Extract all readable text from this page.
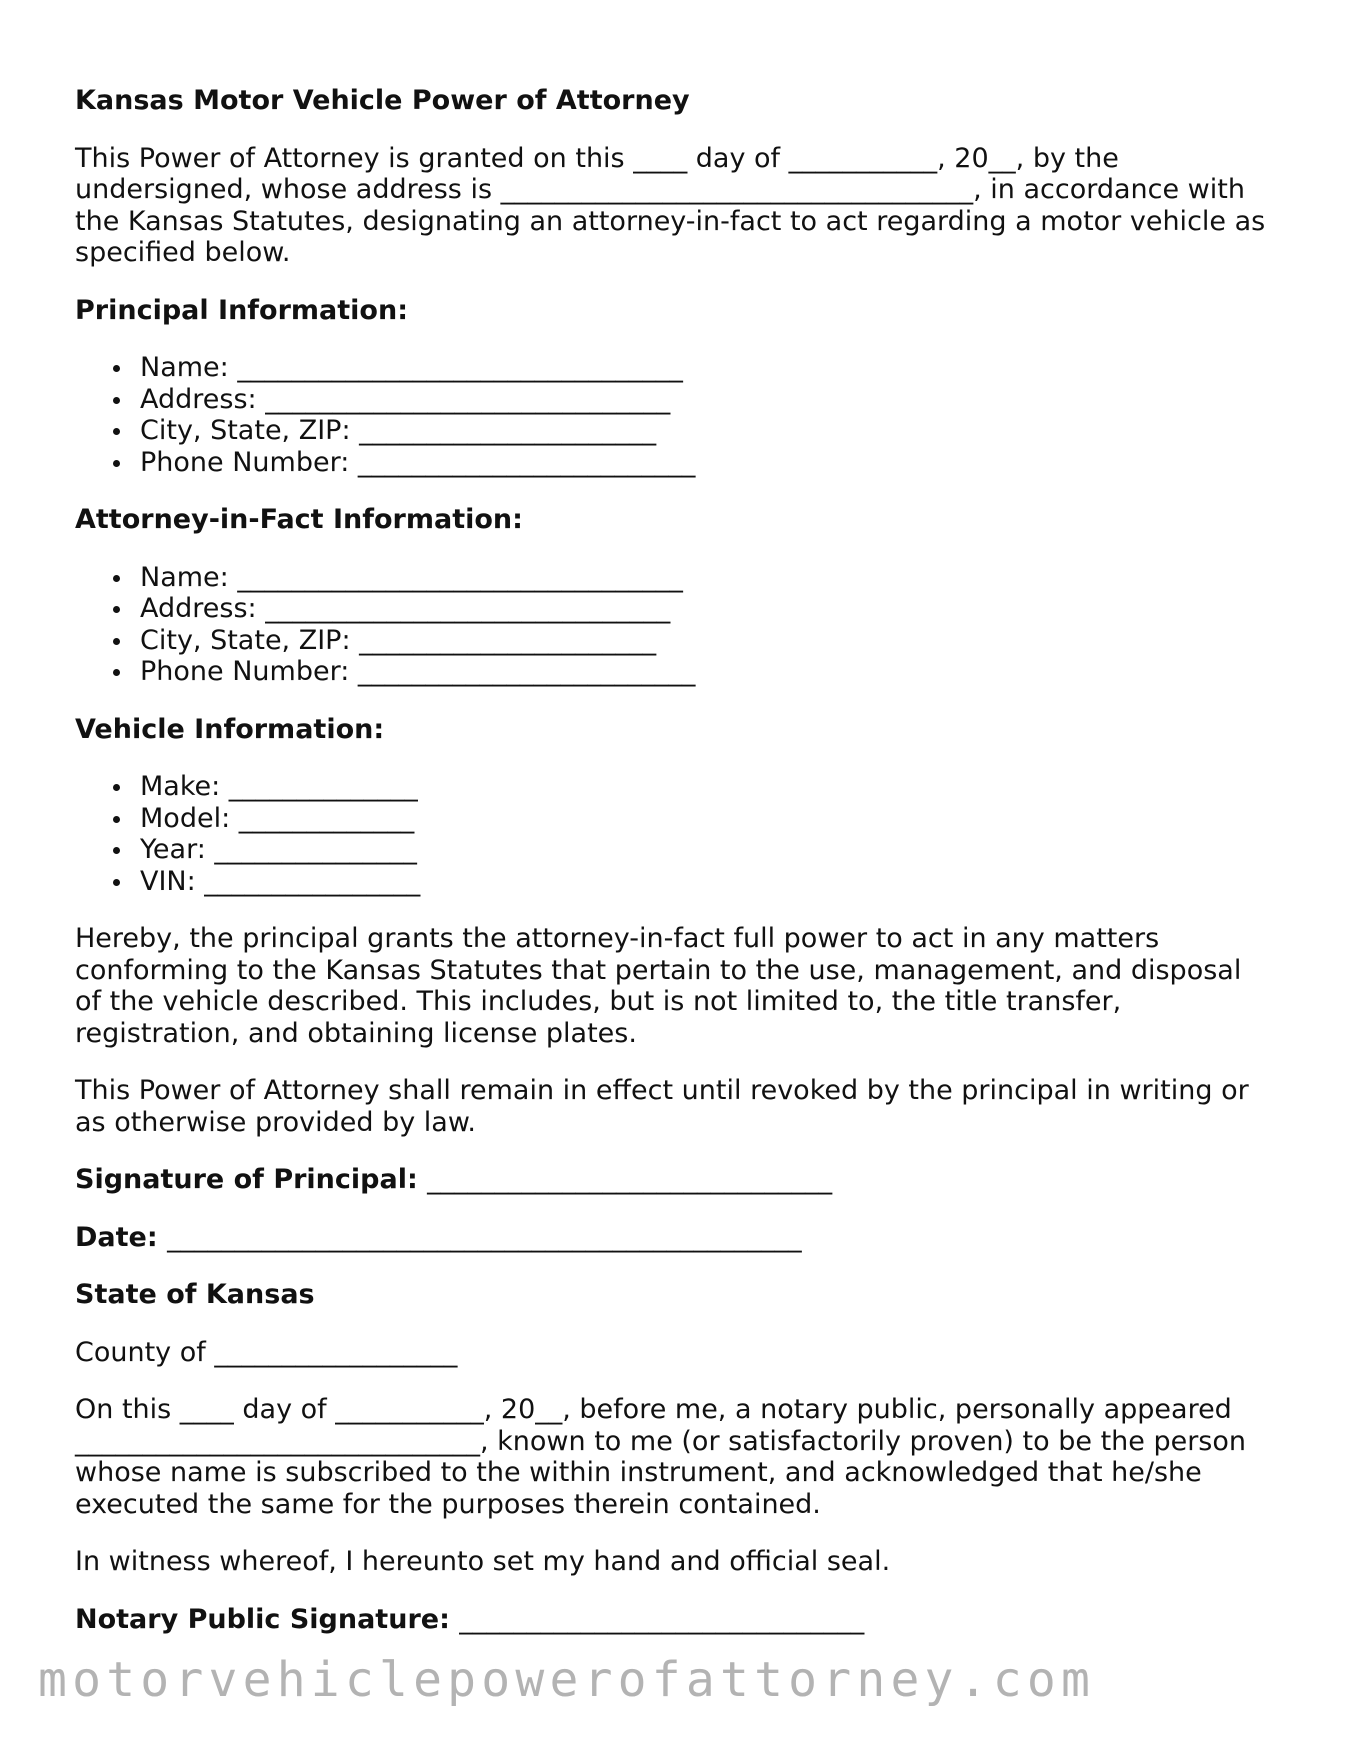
Kansas Motor Vehicle Power of Attorney

This Power of Attorney is granted on this ____ day of ___________, 20__, by the undersigned, whose address is ___________________________________, in accordance with the Kansas Statutes, designating an attorney-in-fact to act regarding a motor vehicle as specified below.

Principal Information:
Name: _________________________________
Address: ______________________________
City, State, ZIP: ______________________
Phone Number: _________________________
Attorney-in-Fact Information:
Name: _________________________________
Address: ______________________________
City, State, ZIP: ______________________
Phone Number: _________________________
Vehicle Information:
Make: ______________
Model: _____________
Year: _______________
VIN: ________________

Hereby, the principal grants the attorney-in-fact full power to act in any matters conforming to the Kansas Statutes that pertain to the use, management, and disposal of the vehicle described. This includes, but is not limited to, the title transfer, registration, and obtaining license plates.

This Power of Attorney shall remain in effect until revoked by the principal in writing or as otherwise provided by law.

Signature of Principal: ______________________________
Date: _______________________________________________
State of Kansas

County of __________________

On this ____ day of ___________, 20__, before me, a notary public, personally appeared ______________________________, known to me (or satisfactorily proven) to be the person whose name is subscribed to the within instrument, and acknowledged that he/she executed the same for the purposes therein contained.

In witness whereof, I hereunto set my hand and official seal.

Notary Public Signature: ______________________________
motorvehiclepowerofattorney.com
